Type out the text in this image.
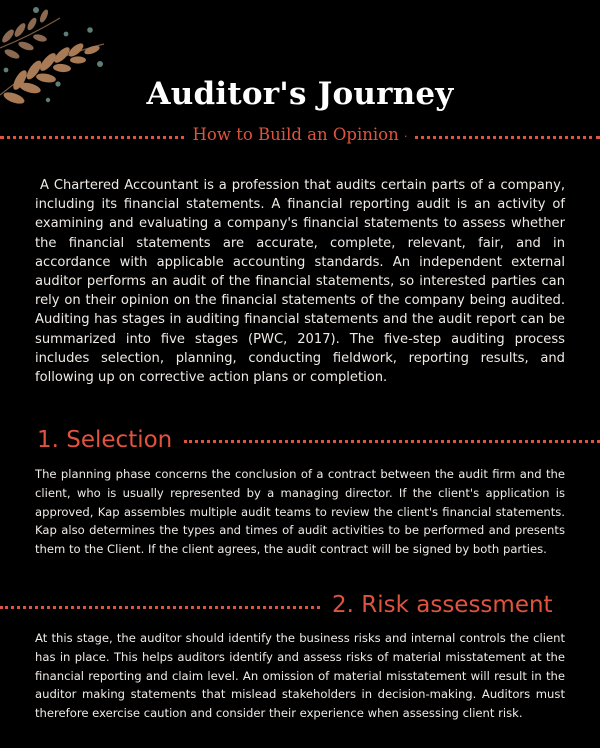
Auditor's Journey

How to Build an Opinion ·

A Chartered Accountant is a profession that audits certain parts of a company, including its financial statements. A financial reporting audit is an activity of examining and evaluating a company's financial statements to assess whether the financial statements are accurate, complete, relevant, fair, and in accordance with applicable accounting standards. An independent external auditor performs an audit of the financial statements, so interested parties can rely on their opinion on the financial statements of the company being audited. Auditing has stages in auditing financial statements and the audit report can be summarized into five stages (PWC, 2017). The five-step auditing process includes selection, planning, conducting fieldwork, reporting results, and following up on corrective action plans or completion.

1. Selection

The planning phase concerns the conclusion of a contract between the audit firm and the client, who is usually represented by a managing director. If the client's application is approved, Kap assembles multiple audit teams to review the client's financial statements. Kap also determines the types and times of audit activities to be performed and presents them to the Client. If the client agrees, the audit contract will be signed by both parties.

2. Risk assessment

At this stage, the auditor should identify the business risks and internal controls the client has in place. This helps auditors identify and assess risks of material misstatement at the financial reporting and claim level. An omission of material misstatement will result in the auditor making statements that mislead stakeholders in decision-making. Auditors must therefore exercise caution and consider their experience when assessing client risk.
